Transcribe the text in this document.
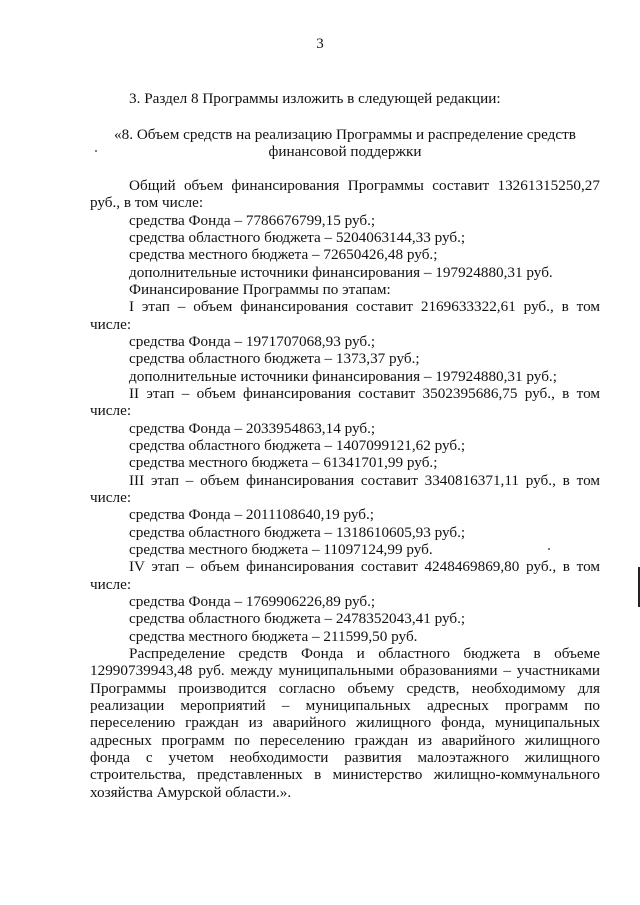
3
3. Раздел 8 Программы изложить в следующей редакции:
«8. Объем средств на реализацию Программы и распределение средств
финансовой поддержки
Общий объем финансирования Программы составит 13261315250,27
руб., в том числе:
средства Фонда – 7786676799,15 руб.;
средства областного бюджета – 5204063144,33 руб.;
средства местного бюджета – 72650426,48 руб.;
дополнительные источники финансирования – 197924880,31 руб.
Финансирование Программы по этапам:
I этап – объем финансирования составит 2169633322,61 руб., в том
числе:
средства Фонда – 1971707068,93 руб.;
средства областного бюджета – 1373,37 руб.;
дополнительные источники финансирования – 197924880,31 руб.;
II этап – объем финансирования составит 3502395686,75 руб., в том
числе:
средства Фонда – 2033954863,14 руб.;
средства областного бюджета – 1407099121,62 руб.;
средства местного бюджета – 61341701,99 руб.;
III этап – объем финансирования составит 3340816371,11 руб., в том
числе:
средства Фонда – 2011108640,19 руб.;
средства областного бюджета – 1318610605,93 руб.;
средства местного бюджета – 11097124,99 руб.
IV этап – объем финансирования составит 4248469869,80 руб., в том
числе:
средства Фонда – 1769906226,89 руб.;
средства областного бюджета – 2478352043,41 руб.;
средства местного бюджета – 211599,50 руб.
Распределение средств Фонда и областного бюджета в объеме
12990739943,48 руб. между муниципальными образованиями – участниками
Программы производится согласно объему средств, необходимому для
реализации мероприятий – муниципальных адресных программ по
переселению граждан из аварийного жилищного фонда, муниципальных
адресных программ по переселению граждан из аварийного жилищного
фонда с учетом необходимости развития малоэтажного жилищного
строительства, представленных в министерство жилищно-коммунального
хозяйства Амурской области.».
